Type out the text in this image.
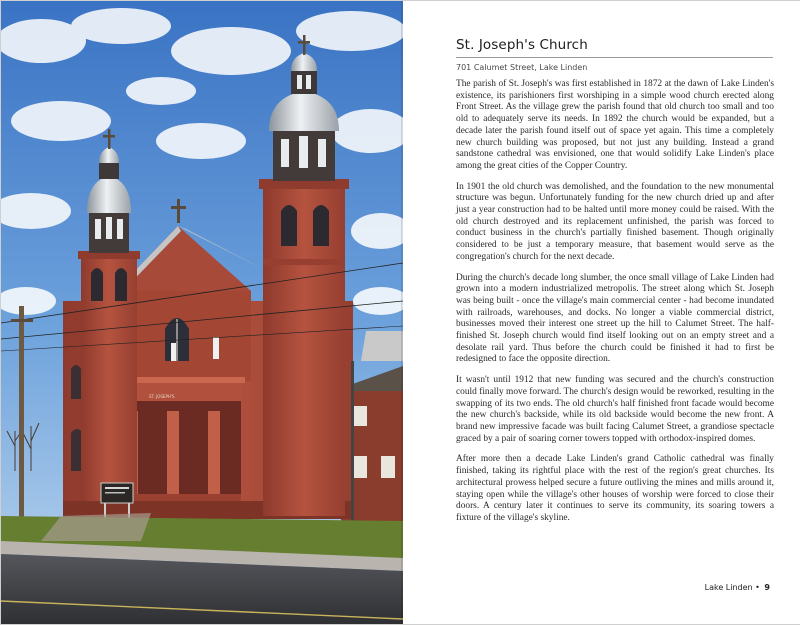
ST. JOSEPH'S
St. Joseph's Church
701 Calumet Street, Lake Linden

The parish of St. Joseph's was first established in 1872 at the dawn of Lake Linden's existence, its parishioners first worshiping in a simple wood church erected along Front Street. As the village grew the parish found that old church too small and too old to adequately serve its needs. In 1892 the church would be expanded, but a decade later the parish found itself out of space yet again. This time a completely new church building was proposed, but not just any building. Instead a grand sandstone cathedral was envisioned, one that would solidify Lake Linden's place among the great cities of the Copper Country.

In 1901 the old church was demolished, and the foundation to the new monumental structure was begun. Unfortunately funding for the new church dried up and after just a year construction had to be halted until more money could be raised. With the old church destroyed and its replacement unfinished, the parish was forced to conduct business in the church's partially finished basement. Though originally considered to be just a temporary measure, that basement would serve as the congregation's church for the next decade.

During the church's decade long slumber, the once small village of Lake Linden had grown into a modern industrialized metropolis. The street along which St. Joseph was being built - once the village's main commercial center - had become inundated with railroads, warehouses, and docks. No longer a viable commercial district, businesses moved their interest one street up the hill to Calumet Street. The half-finished St. Joseph church would find itself looking out on an empty street and a desolate rail yard. Thus before the church could be finished it had to first be redesigned to face the opposite direction.

It wasn't until 1912 that new funding was secured and the church's construction could finally move forward. The church's design would be reworked, resulting in the swapping of its two ends. The old church's half finished front facade would become the new church's backside, while its old backside would become the new front. A brand new impressive facade was built facing Calumet Street, a grandiose spectacle graced by a pair of soaring corner towers topped with orthodox-inspired domes.

After more then a decade Lake Linden's grand Catholic cathedral was finally finished, taking its rightful place with the rest of the region's great churches. Its architectural prowess helped secure a future outliving the mines and mills around it, staying open while the village's other houses of worship were forced to close their doors. A century later it continues to serve its community, its soaring towers a fixture of the village's skyline.

Lake Linden • 9
